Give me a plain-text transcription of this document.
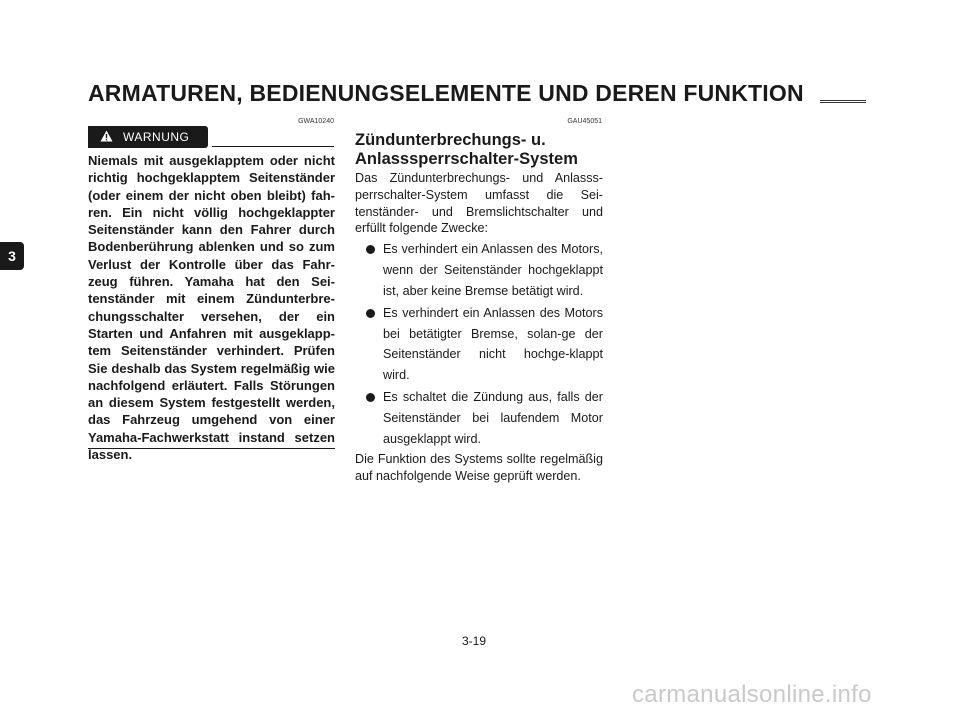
ARMATUREN, BEDIENUNGSELEMENTE UND DEREN FUNKTION
3
GWA10240
WARNUNG
Niemals mit ausgeklapptem oder nicht richtig hochgeklapptem Seitenständer (oder einem der nicht oben bleibt) fah-ren. Ein nicht völlig hochgeklappter Seitenständer kann den Fahrer durch Bodenberührung ablenken und so zum Verlust der Kontrolle über das Fahr-zeug führen. Yamaha hat den Sei-tenständer mit einem Zündunterbre-chungsschalter versehen, der ein Starten und Anfahren mit ausgeklapp-tem Seitenständer verhindert. Prüfen Sie deshalb das System regelmäßig wie nachfolgend erläutert. Falls Störungen an diesem System festgestellt werden, das Fahrzeug umgehend von einer Yamaha-Fachwerkstatt instand setzen lassen.
GAU45051
Zündunterbrechungs- u. Anlasssperrschalter-System

Das Zündunterbrechungs- und Anlasss-perrschalter-System umfasst die Sei-tenständer- und Bremslichtschalter und erfüllt folgende Zwecke:

Es verhindert ein Anlassen des Motors, wenn der Seitenständer hochgeklappt ist, aber keine Bremse betätigt wird.
Es verhindert ein Anlassen des Motors bei betätigter Bremse, solan-ge der Seitenständer nicht hochge-klappt wird.
Es schaltet die Zündung aus, falls der Seitenständer bei laufendem Motor ausgeklappt wird.

Die Funktion des Systems sollte regelmäßig auf nachfolgende Weise geprüft werden.

3-19
carmanualsonline.info
